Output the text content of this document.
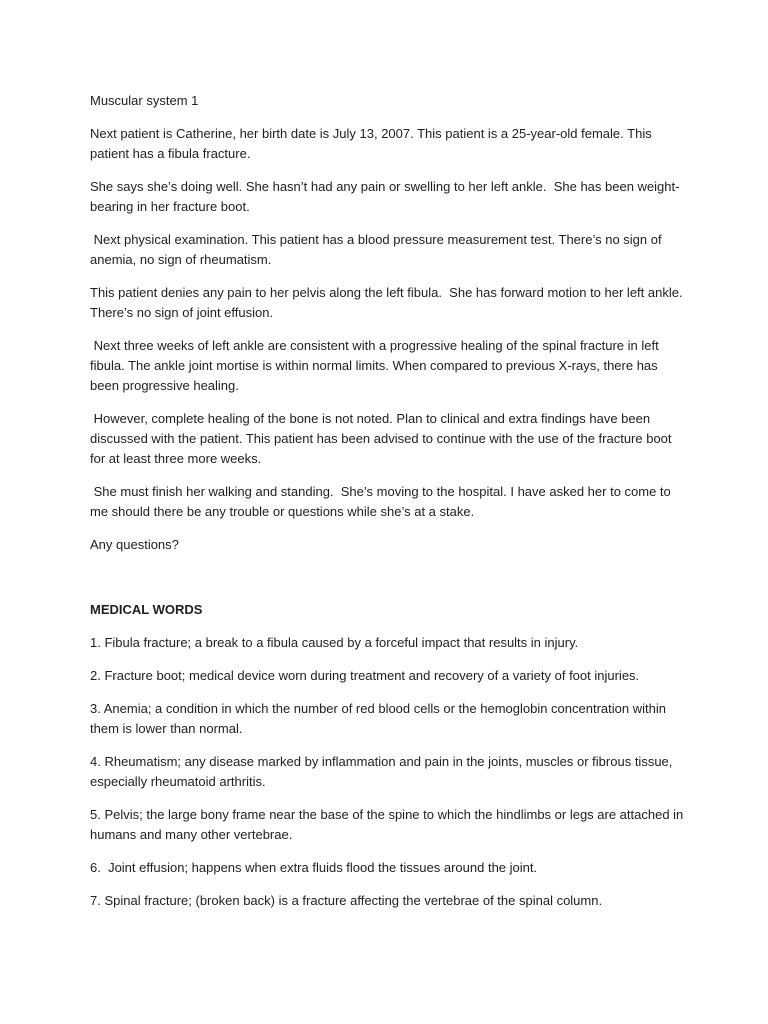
Muscular system 1

Next patient is Catherine, her birth date is July 13, 2007. This patient is a 25-year-old female. This patient has a fibula fracture.

She says she’s doing well. She hasn’t had any pain or swelling to her left ankle.  She has been weight-bearing in her fracture boot.

Next physical examination. This patient has a blood pressure measurement test. There’s no sign of anemia, no sign of rheumatism.

This patient denies any pain to her pelvis along the left fibula.  She has forward motion to her left ankle. There’s no sign of joint effusion.

Next three weeks of left ankle are consistent with a progressive healing of the spinal fracture in left fibula. The ankle joint mortise is within normal limits. When compared to previous X-rays, there has been progressive healing.

However, complete healing of the bone is not noted. Plan to clinical and extra findings have been discussed with the patient. This patient has been advised to continue with the use of the fracture boot for at least three more weeks.

She must finish her walking and standing.  She’s moving to the hospital. I have asked her to come to me should there be any trouble or questions while she’s at a stake.

Any questions?

MEDICAL WORDS

1. Fibula fracture; a break to a fibula caused by a forceful impact that results in injury.

2. Fracture boot; medical device worn during treatment and recovery of a variety of foot injuries.

3. Anemia; a condition in which the number of red blood cells or the hemoglobin concentration within them is lower than normal.

4. Rheumatism; any disease marked by inflammation and pain in the joints, muscles or fibrous tissue, especially rheumatoid arthritis.

5. Pelvis; the large bony frame near the base of the spine to which the hindlimbs or legs are attached in humans and many other vertebrae.

6.  Joint effusion; happens when extra fluids flood the tissues around the joint.

7. Spinal fracture; (broken back) is a fracture affecting the vertebrae of the spinal column.
